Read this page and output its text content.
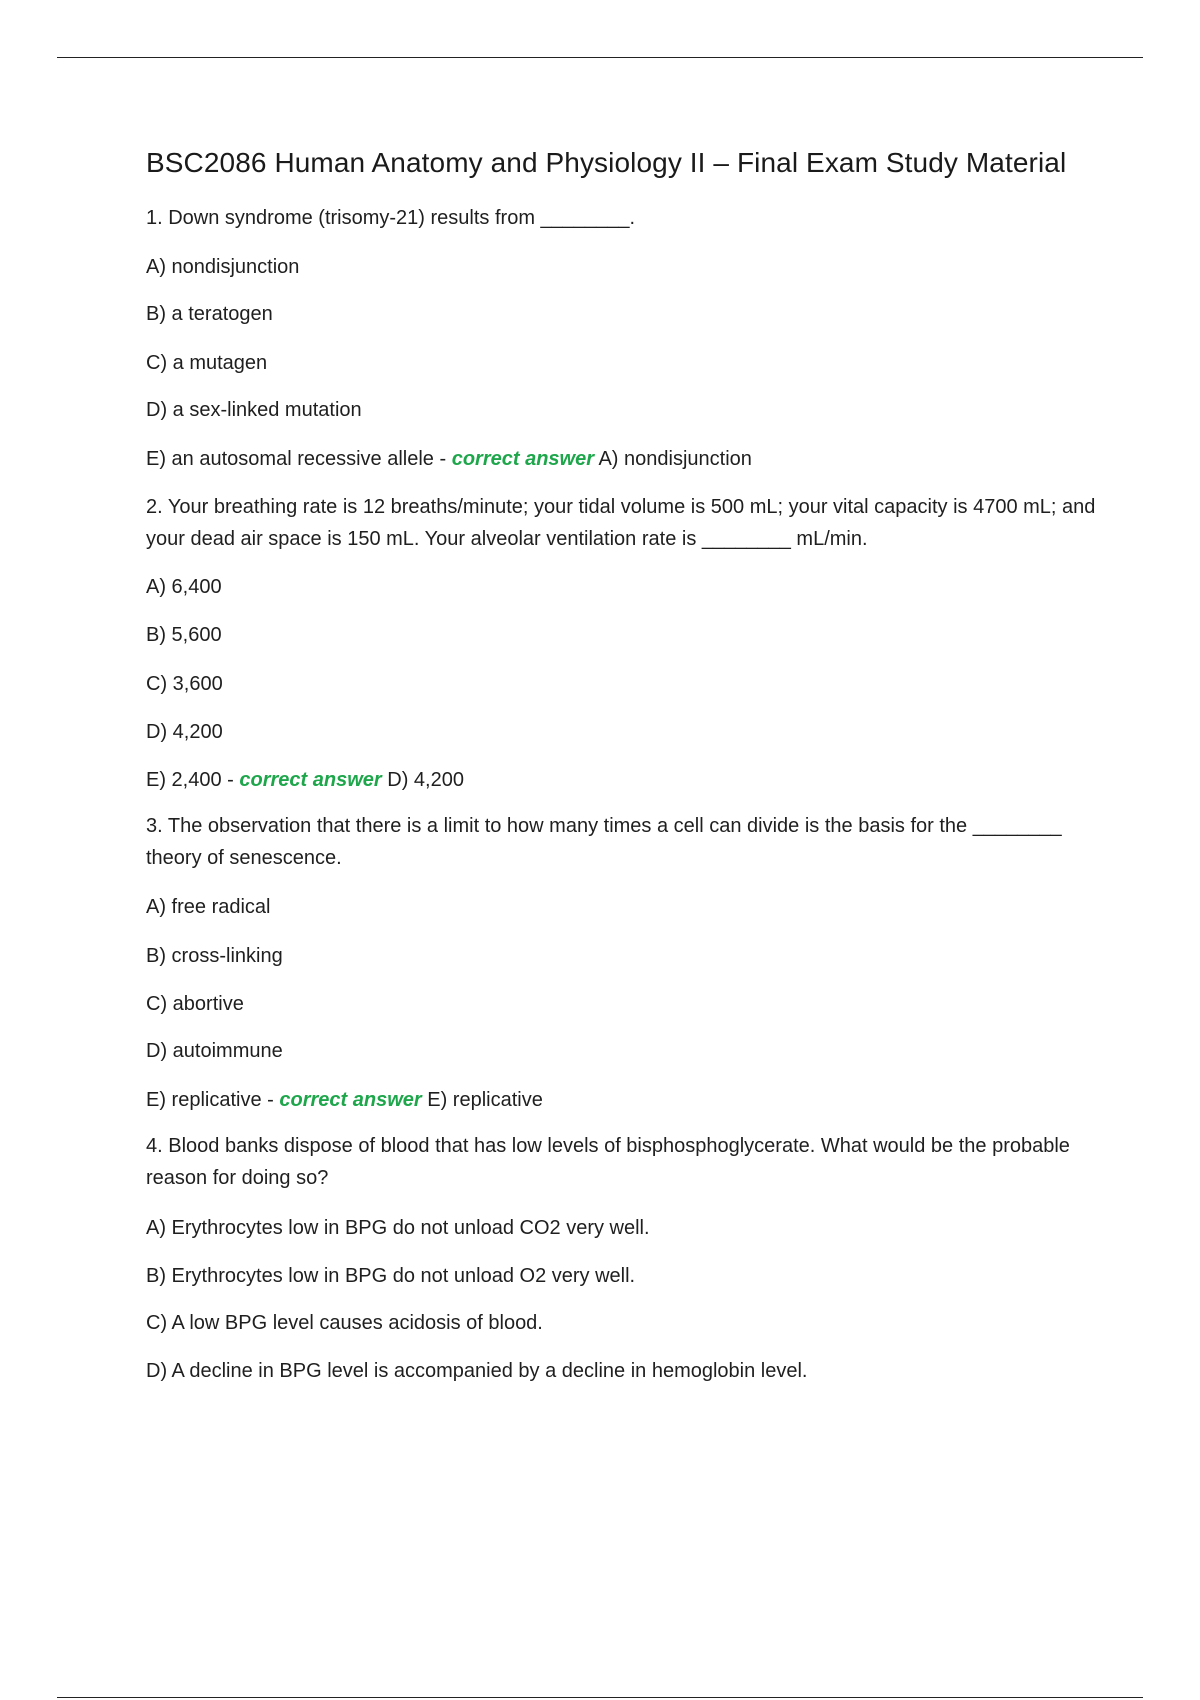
BSC2086 Human Anatomy and Physiology II – Final Exam Study Material

1. Down syndrome (trisomy-21) results from ________.

A) nondisjunction

B) a teratogen

C) a mutagen

D) a sex-linked mutation

E) an autosomal recessive allele - correct answer A) nondisjunction

2. Your breathing rate is 12 breaths/minute; your tidal volume is 500 mL; your vital capacity is 4700 mL; and your dead air space is 150 mL. Your alveolar ventilation rate is ________ mL/min.

A) 6,400

B) 5,600

C) 3,600

D) 4,200

E) 2,400 - correct answer D) 4,200

3. The observation that there is a limit to how many times a cell can divide is the basis for the ________ theory of senescence.

A) free radical

B) cross-linking

C) abortive

D) autoimmune

E) replicative - correct answer E) replicative

4. Blood banks dispose of blood that has low levels of bisphosphoglycerate. What would be the probable reason for doing so?

A) Erythrocytes low in BPG do not unload CO2 very well.

B) Erythrocytes low in BPG do not unload O2 very well.

C) A low BPG level causes acidosis of blood.

D) A decline in BPG level is accompanied by a decline in hemoglobin level.
